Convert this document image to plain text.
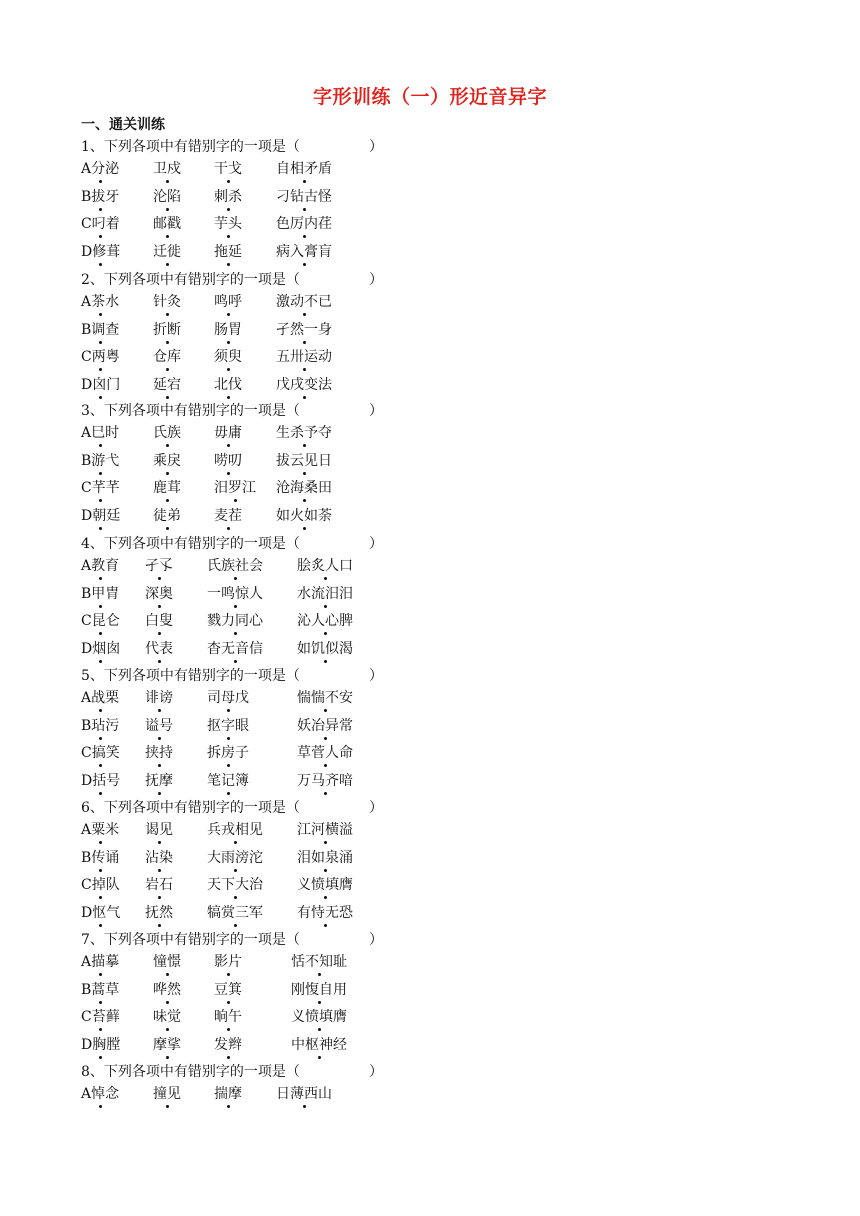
字形训练（一）形近音异字
一、通关训练
1、下列各项中有错别字的一项是（	）
A分泌 卫戍 干戈 自相矛盾
B拔牙 沦陷 刺杀 刁钻古怪
C叼着 邮戳 芋头 色厉内荏
D修葺 迁徙 拖延 病入膏肓
2、下列各项中有错别字的一项是（	）
A茶水 针灸 鸣呼 激动不已
B调查 折断 肠胃 孑然一身
C两粤 仓库 须臾 五卅运动
D囟门 延宕 北伐 戊戌变法
3、下列各项中有错别字的一项是（	）
A巳时 氏族 毋庸 生杀予夺
B游弋 乘戾 唠叨 拔云见日
C芊芊 鹿茸 汨罗江 沧海桑田
D朝廷 徒弟 麦茬 如火如荼
4、下列各项中有错别字的一项是（	）
A教育 孑孓 氏族社会 脍炙人口
B甲胄 深奥 一鸣惊人 水流汨汨
C昆仑 白叟 戮力同心 沁人心脾
D烟囱 代表 杳无音信 如饥似渴
5、下列各项中有错别字的一项是（	）
A战栗 诽谤 司母戊	惴惴不安
B玷污 谥号 抠字眼	妖冶异常
C搞笑 挟持 拆房子	草菅人命
D括号 抚摩 笔记簿	万马齐喑
6、下列各项中有错别字的一项是（	）
A粟米 谒见 兵戎相见 江河横溢
B传诵 沾染 大雨滂沱 泪如泉涌
C掉队 岩石 天下大治 义愤填膺
D怄气 抚然 犒赏三军 有恃无恐
7、下列各项中有错别字的一项是（	）
A描摹 憧憬 影片	恬不知耻
B蒿草 哗然 豆箕	刚愎自用
C苔藓 味觉 晌午	义愤填膺
D胸膛 摩挲 发辫	中枢神经
8、下列各项中有错别字的一项是（	）
A悼念 撞见 揣摩 日薄西山
